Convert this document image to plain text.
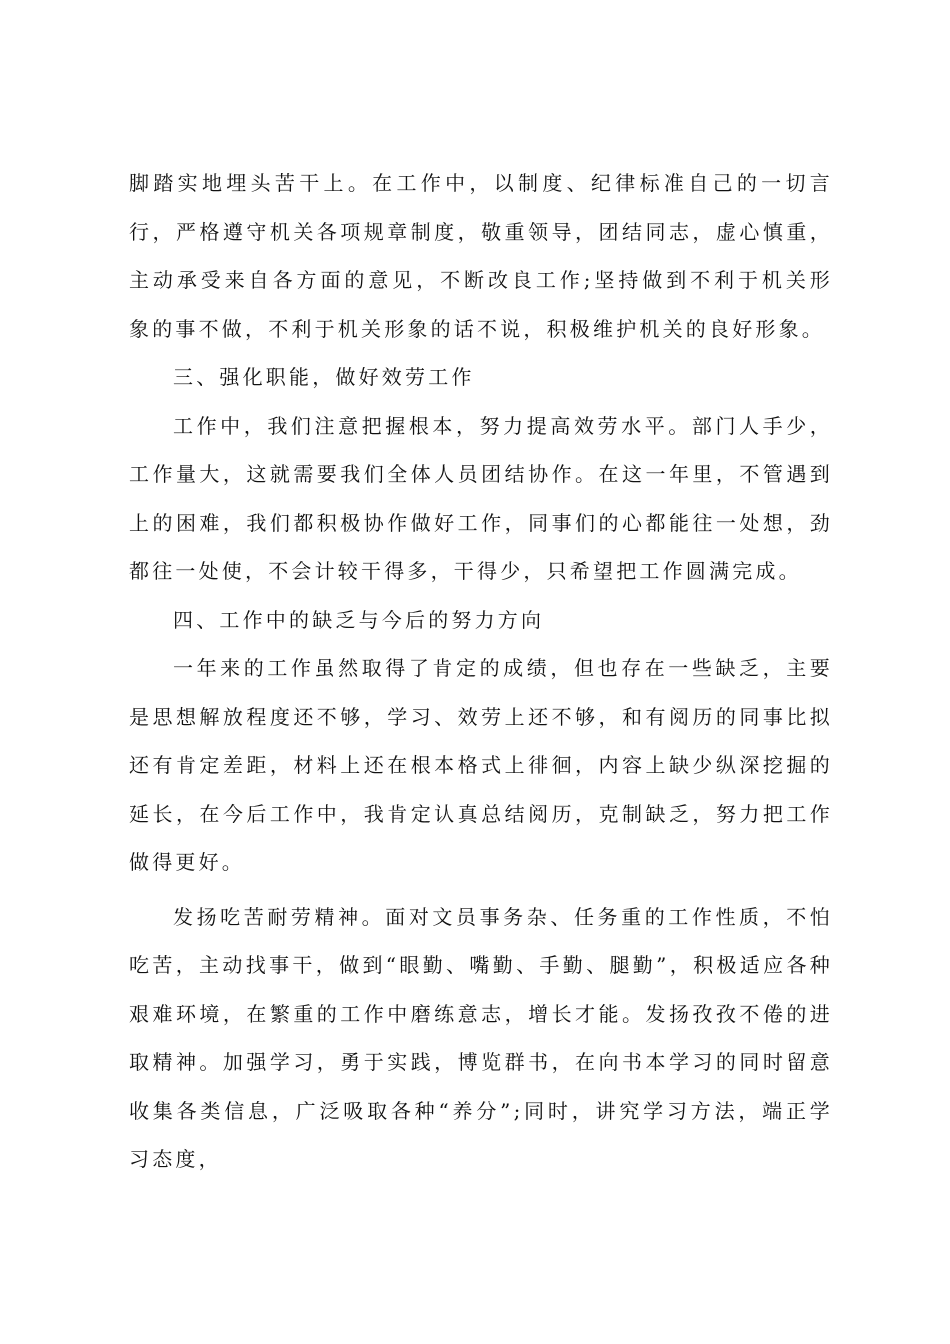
脚踏实地埋头苦干上。在工作中，以制度、纪律标准自己的一切言行，严格遵守机关各项规章制度，敬重领导，团结同志，虚心慎重，主动承受来自各方面的意见，不断改良工作;坚持做到不利于机关形象的事不做，不利于机关形象的话不说，积极维护机关的良好形象。

三、强化职能，做好效劳工作

工作中，我们注意把握根本，努力提高效劳水平。部门人手少，工作量大，这就需要我们全体人员团结协作。在这一年里，不管遇到上的困难，我们都积极协作做好工作，同事们的心都能往一处想，劲都往一处使，不会计较干得多，干得少，只希望把工作圆满完成。

四、工作中的缺乏与今后的努力方向

一年来的工作虽然取得了肯定的成绩，但也存在一些缺乏，主要是思想解放程度还不够，学习、效劳上还不够，和有阅历的同事比拟还有肯定差距，材料上还在根本格式上徘徊，内容上缺少纵深挖掘的延长，在今后工作中，我肯定认真总结阅历，克制缺乏，努力把工作做得更好。

发扬吃苦耐劳精神。面对文员事务杂、任务重的工作性质，不怕吃苦，主动找事干，做到“眼勤、嘴勤、手勤、腿勤”，积极适应各种艰难环境，在繁重的工作中磨练意志，增长才能。发扬孜孜不倦的进取精神。加强学习，勇于实践，博览群书，在向书本学习的同时留意收集各类信息，广泛吸取各种“养分”;同时，讲究学习方法，端正学习态度，
